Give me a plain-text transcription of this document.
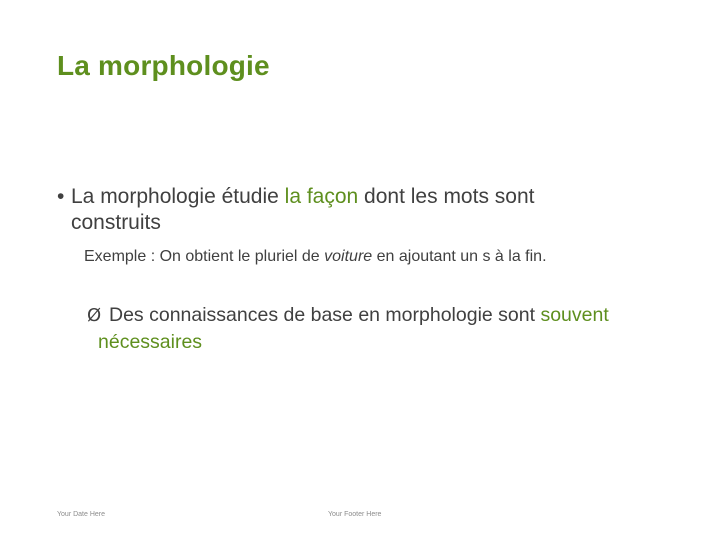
La morphologie
• La morphologie étudie la façon dont les mots sont
construits
Exemple : On obtient le pluriel de voiture en ajoutant un s à la fin.
Ø Des connaissances de base en morphologie sont souvent
nécessaires
Your Date Here	Your Footer Here
